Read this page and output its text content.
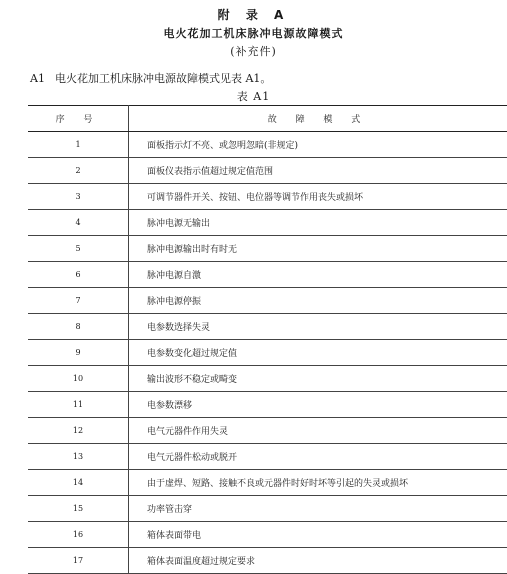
附 录 A
电火花加工机床脉冲电源故障模式
(补充件)
A1 电火花加工机床脉冲电源故障模式见表 A1。
表 A1
序 号	故 障 模 式
1	面板指示灯不亮、或忽明忽暗(非规定)
2	面板仪表指示值超过规定值范围
3	可调节器件开关、按钮、电位器等调节作用丧失或损坏
4	脉冲电源无输出
5	脉冲电源输出时有时无
6	脉冲电源自激
7	脉冲电源停振
8	电参数选择失灵
9	电参数变化超过规定值
10	输出波形不稳定或畸变
11	电参数漂移
12	电气元器件作用失灵
13	电气元器件松动或脱开
14	由于虚焊、短路、接触不良或元器件时好时坏等引起的失灵或损坏
15	功率管击穿
16	箱体表面带电
17	箱体表面温度超过规定要求
